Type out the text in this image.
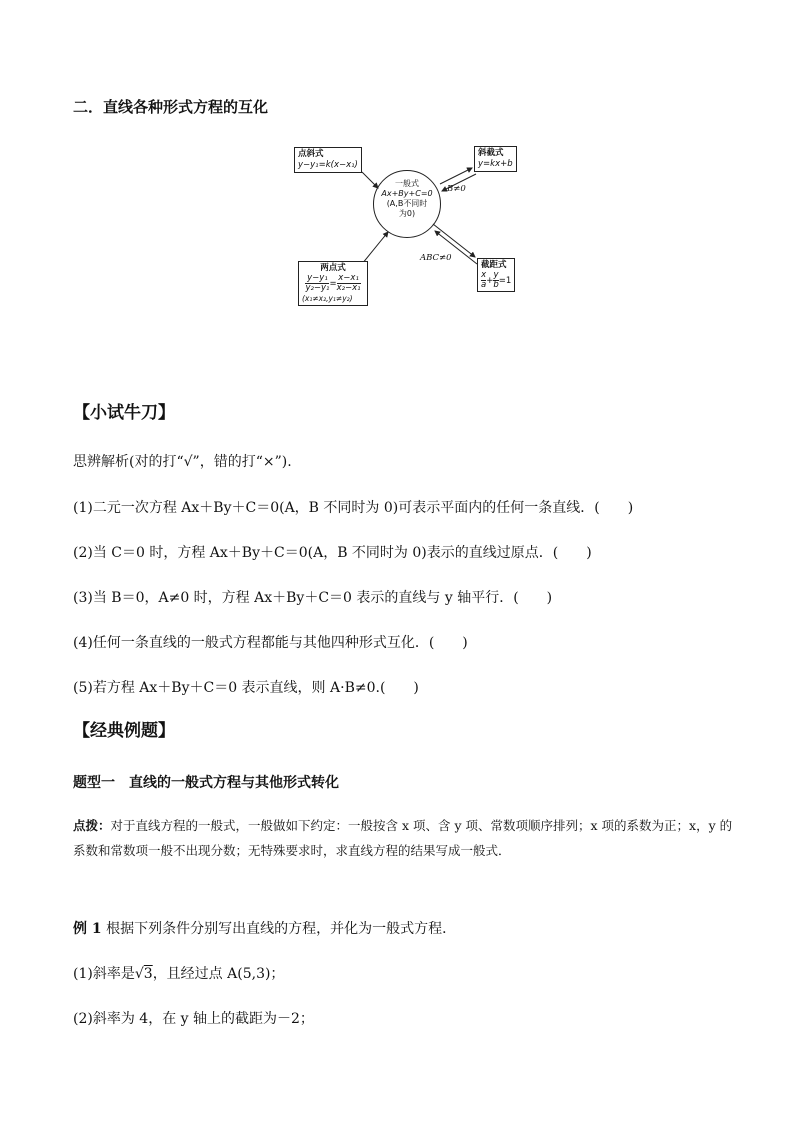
二．直线各种形式方程的互化
点斜式
y−y₁=k(x−x₁)
斜截式
y=kx+b
一般式
Ax+By+C=0
(A,B不同时
为0)
B≠0
ABC≠0
两点式
$\frac{\text{y−y₁}}{\text{y₂−y₁}} = \frac{\text{x−x₁}}{\text{x₂−x₁}}$
(x₁≠x₂,y₁≠y₂)
截距式
$\frac{x}{a} + \frac{y}{b} =1$
【小试牛刀】
思辨解析(对的打“√”，错的打“×”).
(1)二元一次方程 Ax＋By＋C＝0(A，B 不同时为 0)可表示平面内的任何一条直线．(　　)
(2)当 C＝0 时，方程 Ax＋By＋C＝0(A，B 不同时为 0)表示的直线过原点．(　　)
(3)当 B＝0，A≠0 时，方程 Ax＋By＋C＝0 表示的直线与 y 轴平行．(　　)
(4)任何一条直线的一般式方程都能与其他四种形式互化．(　　)
(5)若方程 Ax＋By＋C＝0 表示直线，则 A·B≠0.(　　)
【经典例题】
题型一　直线的一般式方程与其他形式转化
点拨：对于直线方程的一般式，一般做如下约定：一般按含 x 项、含 y 项、常数项顺序排列；x 项的系数为正；x，y 的系数和常数项一般不出现分数；无特殊要求时，求直线方程的结果写成一般式．
例 1 根据下列条件分别写出直线的方程，并化为一般式方程．
(1)斜率是√3，且经过点 A(5,3)；
(2)斜率为 4，在 y 轴上的截距为－2；
